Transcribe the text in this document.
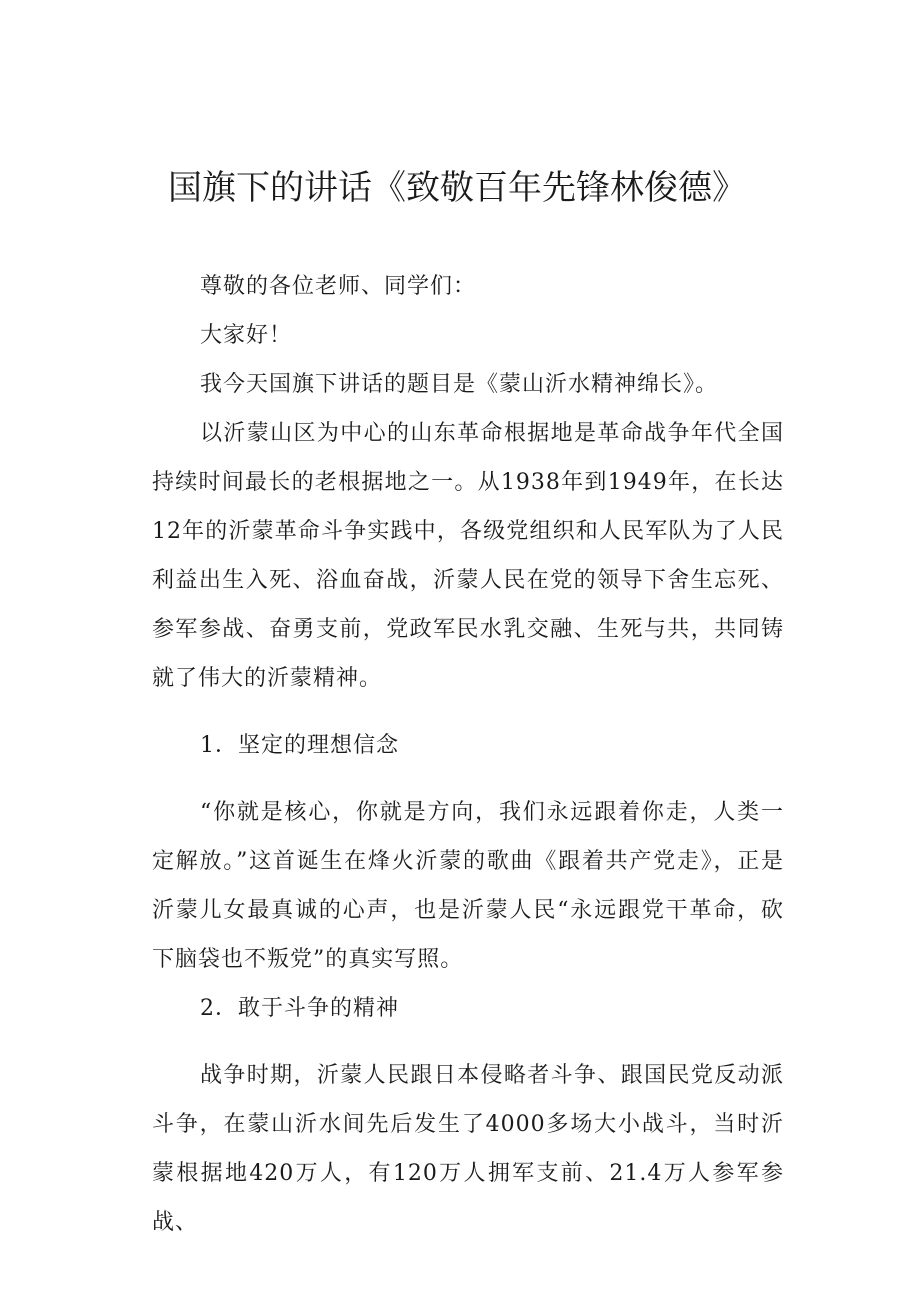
国旗下的讲话《致敬百年先锋林俊德》

尊敬的各位老师、同学们：

大家好！

我今天国旗下讲话的题目是《蒙山沂水精神绵长》。

以沂蒙山区为中心的山东革命根据地是革命战争年代全国持续时间最长的老根据地之一。从1938年到1949年，在长达12年的沂蒙革命斗争实践中，各级党组织和人民军队为了人民利益出生入死、浴血奋战，沂蒙人民在党的领导下舍生忘死、参军参战、奋勇支前，党政军民水乳交融、生死与共，共同铸就了伟大的沂蒙精神。

1．坚定的理想信念

“你就是核心，你就是方向，我们永远跟着你走，人类一定解放。”这首诞生在烽火沂蒙的歌曲《跟着共产党走》，正是沂蒙儿女最真诚的心声，也是沂蒙人民“永远跟党干革命，砍下脑袋也不叛党”的真实写照。

2．敢于斗争的精神

战争时期，沂蒙人民跟日本侵略者斗争、跟国民党反动派斗争，在蒙山沂水间先后发生了4000多场大小战斗，当时沂蒙根据地420万人，有120万人拥军支前、21.4万人参军参战、
